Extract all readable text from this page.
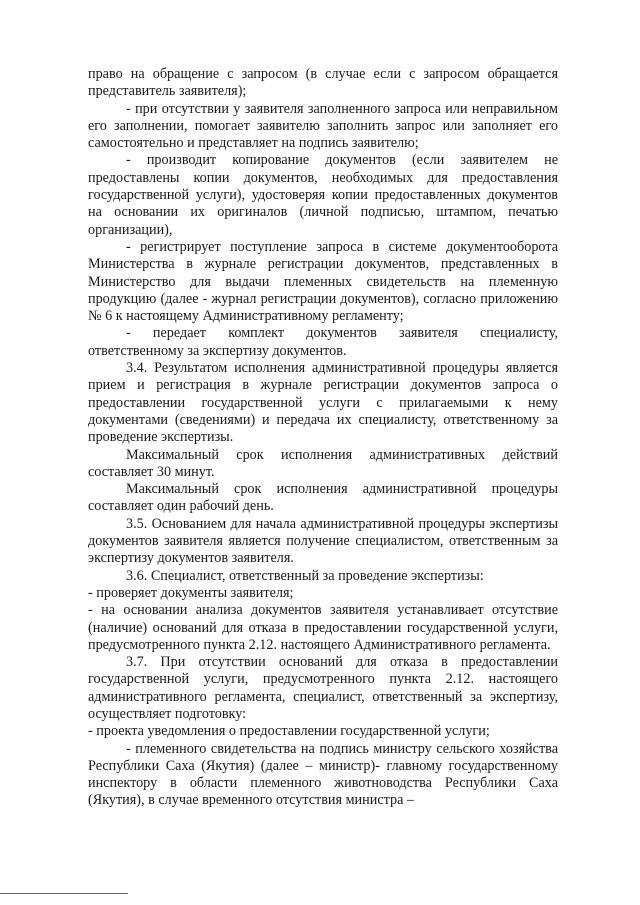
право на обращение с запросом (в случае если с запросом обращается представитель заявителя);

- при отсутствии у заявителя заполненного запроса или неправильном его заполнении, помогает заявителю заполнить запрос или заполняет его самостоятельно и представляет на подпись заявителю;

- производит копирование документов (если заявителем не предоставлены копии документов, необходимых для предоставления государственной услуги), удостоверяя копии предоставленных документов на основании их оригиналов (личной подписью, штампом, печатью организации),

- регистрирует поступление запроса в системе документооборота Министерства в журнале регистрации документов, представленных в Министерство для выдачи племенных свидетельств на племенную продукцию (далее - журнал регистрации документов), согласно приложению № 6 к настоящему Административному регламенту;

- передает комплект документов заявителя специалисту, ответственному за экспертизу документов.

3.4. Результатом исполнения административной процедуры является прием и регистрация в журнале регистрации документов запроса о предоставлении государственной услуги с прилагаемыми к нему документами (сведениями) и передача их специалисту, ответственному за проведение экспертизы.

Максимальный срок исполнения административных действий составляет 30 минут.

Максимальный срок исполнения административной процедуры составляет один рабочий день.

3.5. Основанием для начала административной процедуры экспертизы документов заявителя является получение специалистом, ответственным за экспертизу документов заявителя.

3.6. Специалист, ответственный за проведение экспертизы:

- проверяет документы заявителя;

- на основании анализа документов заявителя устанавливает отсутствие (наличие) оснований для отказа в предоставлении государственной услуги, предусмотренного пункта 2.12. настоящего Административного регламента.

3.7. При отсутствии оснований для отказа в предоставлении государственной услуги, предусмотренного пункта 2.12. настоящего административного регламента, специалист, ответственный за экспертизу, осуществляет подготовку:

- проекта уведомления о предоставлении государственной услуги;

- племенного свидетельства на подпись министру сельского хозяйства Республики Саха (Якутия) (далее – министр)- главному государственному инспектору в области племенного животноводства Республики Саха (Якутия), в случае временного отсутствия министра –
